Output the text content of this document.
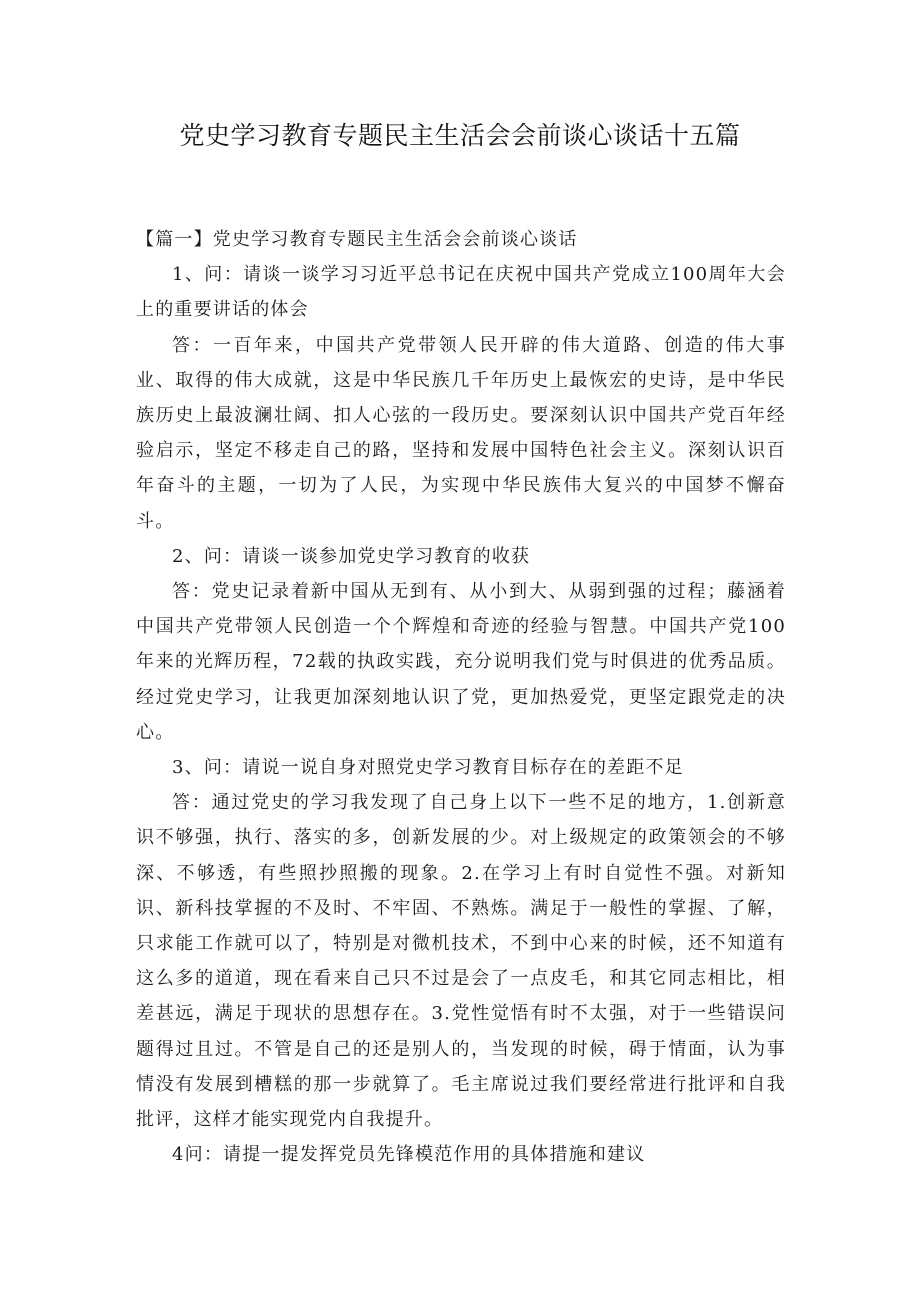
党史学习教育专题民主生活会会前谈心谈话十五篇

【篇一】党史学习教育专题民主生活会会前谈心谈话

1、问：请谈一谈学习习近平总书记在庆祝中国共产党成立100周年大会上的重要讲话的体会

答：一百年来，中国共产党带领人民开辟的伟大道路、创造的伟大事业、取得的伟大成就，这是中华民族几千年历史上最恢宏的史诗，是中华民族历史上最波澜壮阔、扣人心弦的一段历史。要深刻认识中国共产党百年经验启示，坚定不移走自己的路，坚持和发展中国特色社会主义。深刻认识百年奋斗的主题，一切为了人民，为实现中华民族伟大复兴的中国梦不懈奋斗。

2、问：请谈一谈参加党史学习教育的收获

答：党史记录着新中国从无到有、从小到大、从弱到强的过程；藤涵着中国共产党带领人民创造一个个辉煌和奇迹的经验与智慧。中国共产党100年来的光辉历程，72载的执政实践，充分说明我们党与时俱进的优秀品质。经过党史学习，让我更加深刻地认识了党，更加热爱党，更坚定跟党走的决心。

3、问：请说一说自身对照党史学习教育目标存在的差距不足

答：通过党史的学习我发现了自己身上以下一些不足的地方，1.创新意识不够强，执行、落实的多，创新发展的少。对上级规定的政策领会的不够深、不够透，有些照抄照搬的现象。2.在学习上有时自觉性不强。对新知识、新科技掌握的不及时、不牢固、不熟炼。满足于一般性的掌握、了解，只求能工作就可以了，特别是对微机技术，不到中心来的时候，还不知道有这么多的道道，现在看来自己只不过是会了一点皮毛，和其它同志相比，相差甚远，满足于现状的思想存在。3.党性觉悟有时不太强，对于一些错误问题得过且过。不管是自己的还是别人的，当发现的时候，碍于情面，认为事情没有发展到槽糕的那一步就算了。毛主席说过我们要经常进行批评和自我批评，这样才能实现党内自我提升。

4问：请提一提发挥党员先锋模范作用的具体措施和建议
